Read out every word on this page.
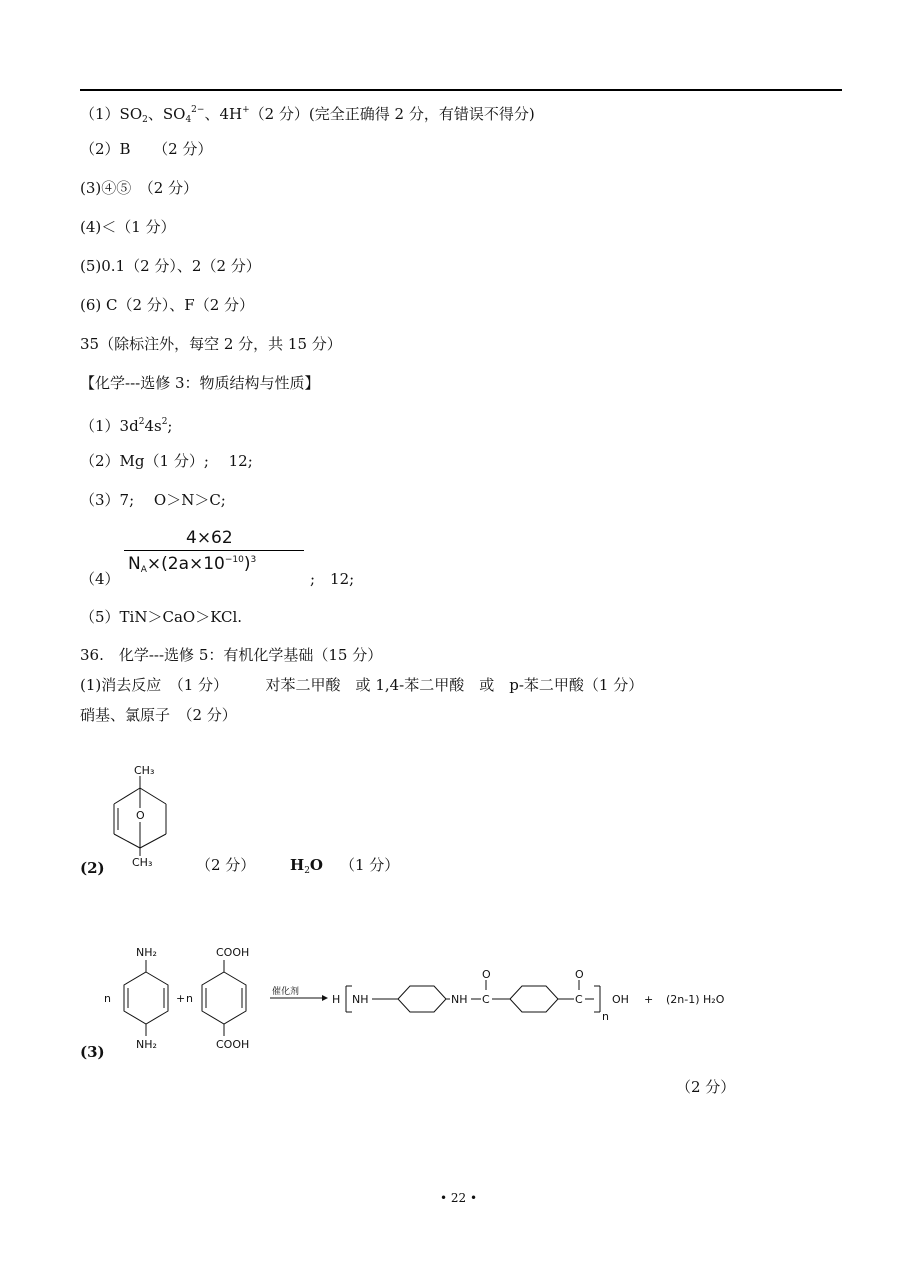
$(1)SO_2$、$SO_4^{2-}$、4H+（2 分）(完全正确得 2 分，有错误不得分)
（2）B　　（2 分）
(3)④⑤　（2 分）
(4)＜（1 分）
(5)0.1（2 分）、2（2 分）
(6) C（2 分）、F（2 分）
35（除标注外，每空 2 分，共 15 分）
【化学---选修 3：物质结构与性质】
$(1)3d^24s^2$;
（2）Mg（1 分）;　 12;
（3）7;　 O＞N＞C;
（4）
4×62
$N_A\times(2a\times 10^{-10})^3$
;　12;
（5）TiN＞CaO＞KCl.
36.　化学---选修 5：有机化学基础（15 分）
(1)消去反应　（1 分）　　　对苯二甲酸　或 1,4-苯二甲酸　或　p-苯二甲酸（1 分）
硝基、氯原子　（2 分）
CH₃
O
CH₃
(2)	（2 分） $H_2O$ （1 分）
NH₂
NH₂
n	+ n
COOH
COOH
催化剂
H NH	NH C
O
C
O
n
OH + (2n-1) H₂O
(3)
（2 分）
• 22 •
